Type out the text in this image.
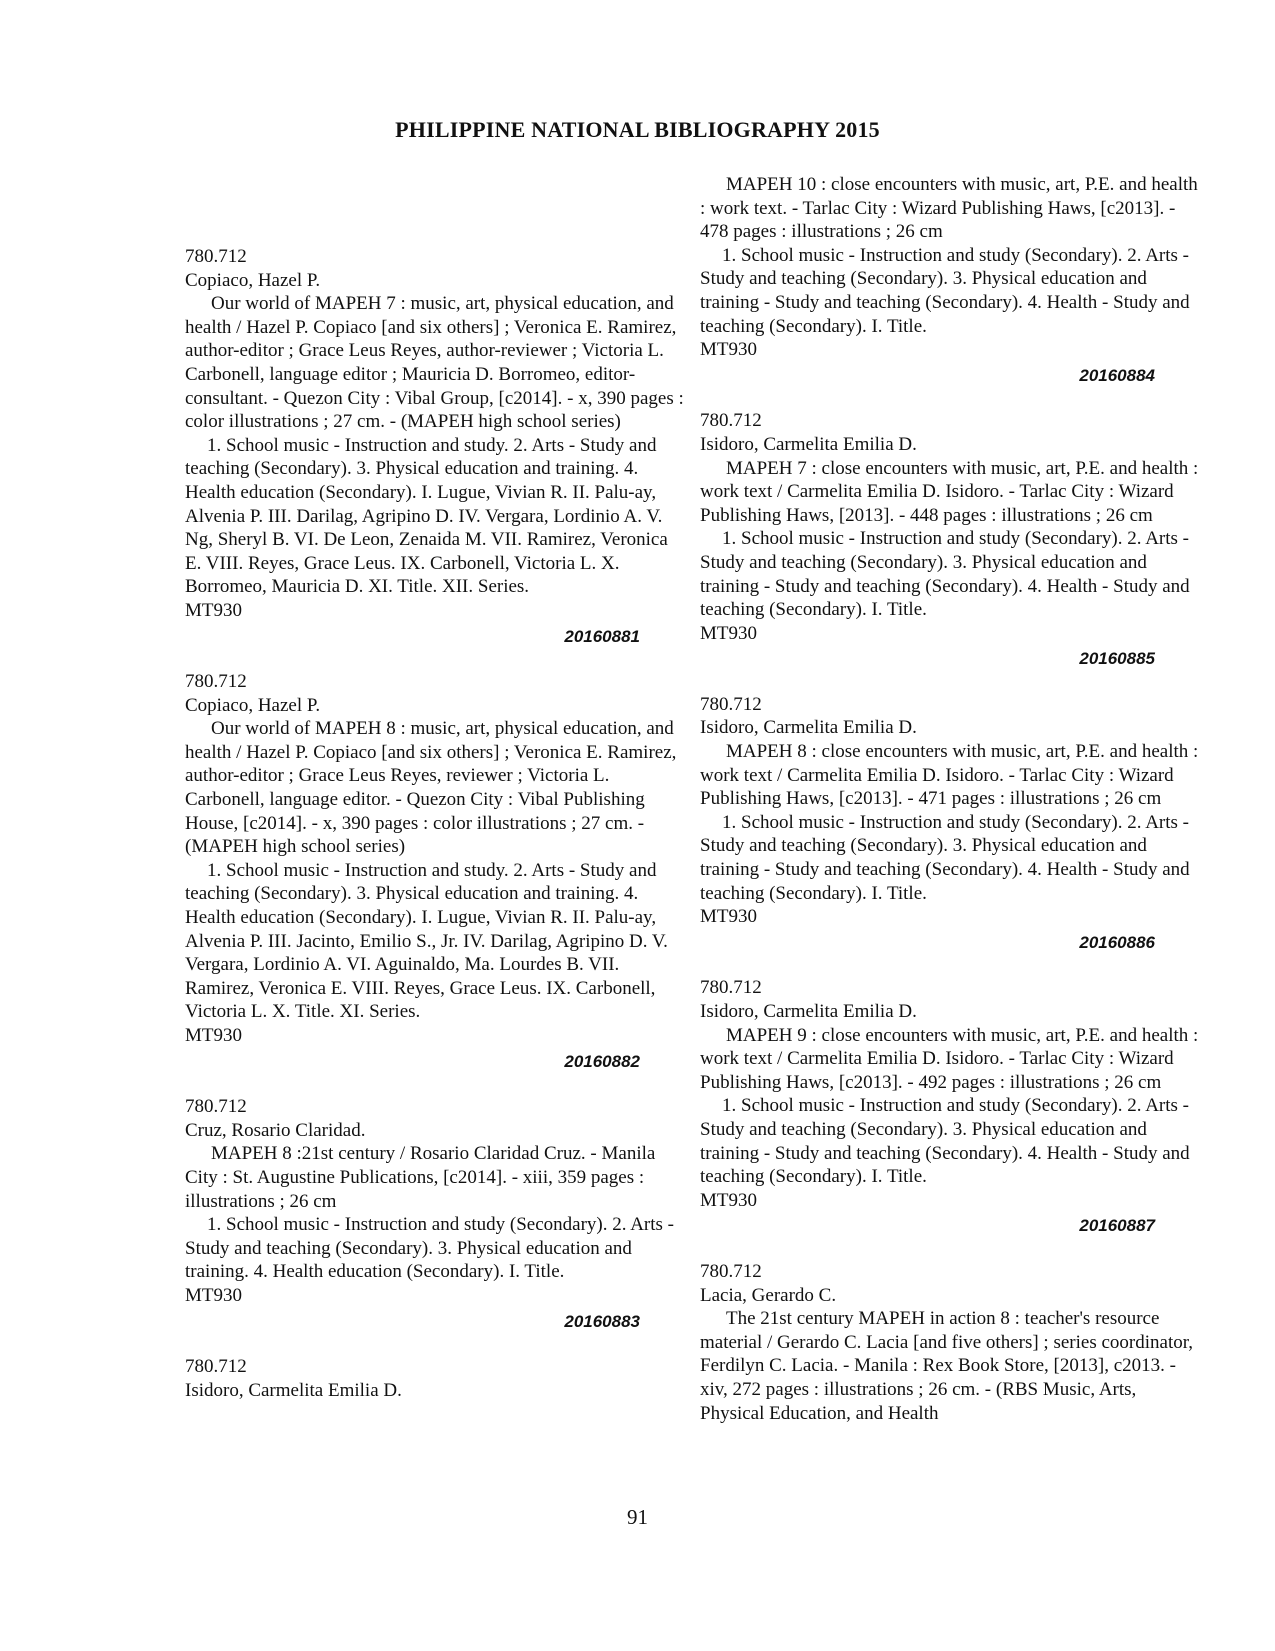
PHILIPPINE NATIONAL BIBLIOGRAPHY 2015

780.712

Copiaco, Hazel P.

Our world of MAPEH 7 : music, art, physical education, and health / Hazel P. Copiaco [and six others] ; Veronica E. Ramirez, author-editor ; Grace Leus Reyes, author-reviewer ; Victoria L. Carbonell, language editor ; Mauricia D. Borromeo, editor-consultant. - Quezon City : Vibal Group, [c2014]. - x, 390 pages : color illustrations ; 27 cm. - (MAPEH high school series)

1. School music - Instruction and study. 2. Arts - Study and teaching (Secondary). 3. Physical education and training. 4. Health education (Secondary). I. Lugue, Vivian R. II. Palu-ay, Alvenia P. III. Darilag, Agripino D. IV. Vergara, Lordinio A. V. Ng, Sheryl B. VI. De Leon, Zenaida M. VII. Ramirez, Veronica E. VIII. Reyes, Grace Leus. IX. Carbonell, Victoria L. X. Borromeo, Mauricia D. XI. Title. XII. Series.

MT930

20160881

780.712

Copiaco, Hazel P.

Our world of MAPEH 8 : music, art, physical education, and health / Hazel P. Copiaco [and six others] ; Veronica E. Ramirez, author-editor ; Grace Leus Reyes, reviewer ; Victoria L. Carbonell, language editor. - Quezon City : Vibal Publishing House, [c2014]. - x, 390 pages : color illustrations ; 27 cm. - (MAPEH high school series)

1. School music - Instruction and study. 2. Arts - Study and teaching (Secondary). 3. Physical education and training. 4. Health education (Secondary). I. Lugue, Vivian R. II. Palu-ay, Alvenia P. III. Jacinto, Emilio S., Jr. IV. Darilag, Agripino D. V. Vergara, Lordinio A. VI. Aguinaldo, Ma. Lourdes B. VII. Ramirez, Veronica E. VIII. Reyes, Grace Leus. IX. Carbonell, Victoria L. X. Title. XI. Series.

MT930

20160882

780.712

Cruz, Rosario Claridad.

MAPEH 8 :21st century / Rosario Claridad Cruz. - Manila City : St. Augustine Publications, [c2014]. - xiii, 359 pages : illustrations ; 26 cm

1. School music - Instruction and study (Secondary). 2. Arts - Study and teaching (Secondary). 3. Physical education and training. 4. Health education (Secondary). I. Title.

MT930

20160883

780.712

Isidoro, Carmelita Emilia D.

MAPEH 10 : close encounters with music, art, P.E. and health : work text. - Tarlac City : Wizard Publishing Haws, [c2013]. - 478 pages : illustrations ; 26 cm

1. School music - Instruction and study (Secondary). 2. Arts - Study and teaching (Secondary). 3. Physical education and training - Study and teaching (Secondary). 4. Health - Study and teaching (Secondary). I. Title.

MT930

20160884

780.712

Isidoro, Carmelita Emilia D.

MAPEH 7 : close encounters with music, art, P.E. and health : work text / Carmelita Emilia D. Isidoro. - Tarlac City : Wizard Publishing Haws, [2013]. - 448 pages : illustrations ; 26 cm

1. School music - Instruction and study (Secondary). 2. Arts - Study and teaching (Secondary). 3. Physical education and training - Study and teaching (Secondary). 4. Health - Study and teaching (Secondary). I. Title.

MT930

20160885

780.712

Isidoro, Carmelita Emilia D.

MAPEH 8 : close encounters with music, art, P.E. and health : work text / Carmelita Emilia D. Isidoro. - Tarlac City : Wizard Publishing Haws, [c2013]. - 471 pages : illustrations ; 26 cm

1. School music - Instruction and study (Secondary). 2. Arts - Study and teaching (Secondary). 3. Physical education and training - Study and teaching (Secondary). 4. Health - Study and teaching (Secondary). I. Title.

MT930

20160886

780.712

Isidoro, Carmelita Emilia D.

MAPEH 9 : close encounters with music, art, P.E. and health : work text / Carmelita Emilia D. Isidoro. - Tarlac City : Wizard Publishing Haws, [c2013]. - 492 pages : illustrations ; 26 cm

1. School music - Instruction and study (Secondary). 2. Arts - Study and teaching (Secondary). 3. Physical education and training - Study and teaching (Secondary). 4. Health - Study and teaching (Secondary). I. Title.

MT930

20160887

780.712

Lacia, Gerardo C.

The 21st century MAPEH in action 8 : teacher's resource material / Gerardo C. Lacia [and five others] ; series coordinator, Ferdilyn C. Lacia. - Manila : Rex Book Store, [2013], c2013. - xiv, 272 pages : illustrations ; 26 cm. - (RBS Music, Arts, Physical Education, and Health

91
